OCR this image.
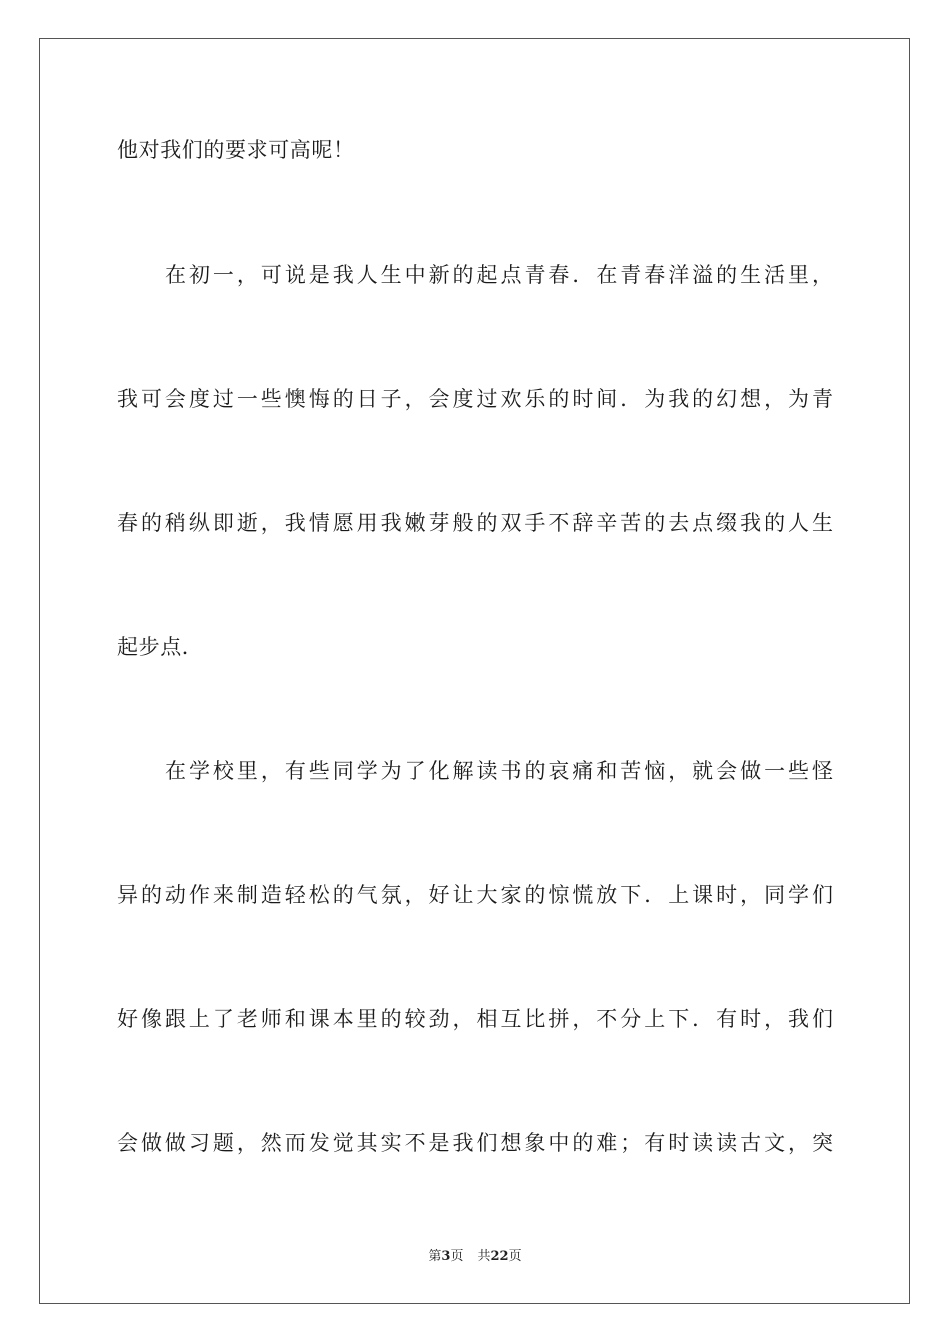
他对我们的要求可高呢！
在初一，可说是我人生中新的起点青春．在青春洋溢的生活里，
我可会度过一些懊悔的日子，会度过欢乐的时间．为我的幻想，为青
春的稍纵即逝，我情愿用我嫩芽般的双手不辞辛苦的去点缀我的人生
起步点．
在学校里，有些同学为了化解读书的哀痛和苦恼，就会做一些怪
异的动作来制造轻松的气氛，好让大家的惊慌放下．上课时，同学们
好像跟上了老师和课本里的较劲，相互比拼，不分上下．有时，我们
会做做习题，然而发觉其实不是我们想象中的难；有时读读古文，突
第3页 共22页
